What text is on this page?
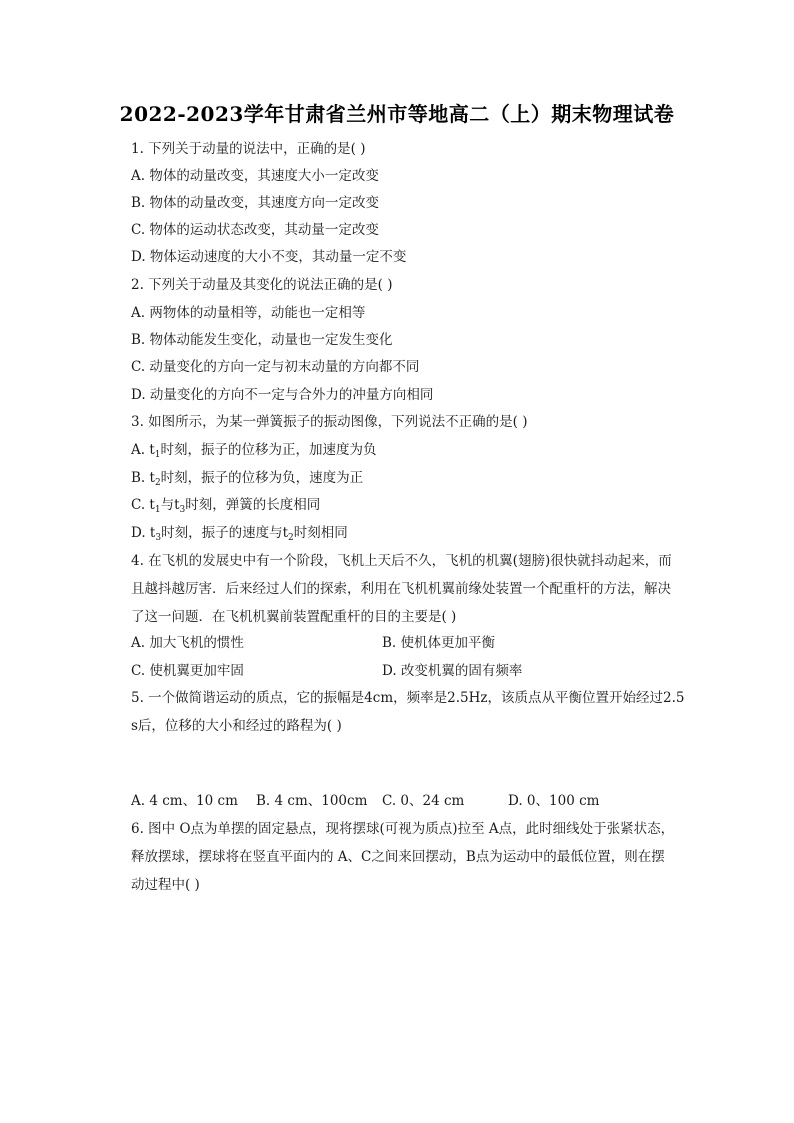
2022-2023学年甘肃省兰州市等地高二（上）期末物理试卷
1. 下列关于动量的说法中，正确的是( )
A. 物体的动量改变，其速度大小一定改变
B. 物体的动量改变，其速度方向一定改变
C. 物体的运动状态改变，其动量一定改变
D. 物体运动速度的大小不变，其动量一定不变
2. 下列关于动量及其变化的说法正确的是( )
A. 两物体的动量相等，动能也一定相等
B. 物体动能发生变化，动量也一定发生变化
C. 动量变化的方向一定与初末动量的方向都不同
D. 动量变化的方向不一定与合外力的冲量方向相同
3. 如图所示，为某一弹簧振子的振动图像，下列说法不正确的是( )
A. $t_1$时刻，振子的位移为正，加速度为负
B. $t_2$时刻，振子的位移为负，速度为正
C. $t_1$与$t_3$时刻，弹簧的长度相同
D. $t_3$时刻，振子的速度与$t_2$时刻相同
4. 在飞机的发展史中有一个阶段，飞机上天后不久，飞机的机翼(翅膀)很快就抖动起来，而
且越抖越厉害．后来经过人们的探索，利用在飞机机翼前缘处装置一个配重杆的方法，解决
了这一问题．在飞机机翼前装置配重杆的目的主要是( )
A. 加大飞机的惯性	B. 使机体更加平衡
C. 使机翼更加牢固	D. 改变机翼的固有频率
5. 一个做简谐运动的质点，它的振幅是4cm，频率是2.5Hz，该质点从平衡位置开始经过2.5
s后，位移的大小和经过的路程为( )
A. 4 cm、10 cm B. 4 cm、100cm C. 0、24 cm	D. 0、100 cm
6. 图中 O点为单摆的固定悬点，现将摆球(可视为质点)拉至 A点，此时细线处于张紧状态，
释放摆球，摆球将在竖直平面内的 A、C之间来回摆动，B点为运动中的最低位置，则在摆
动过程中( )
